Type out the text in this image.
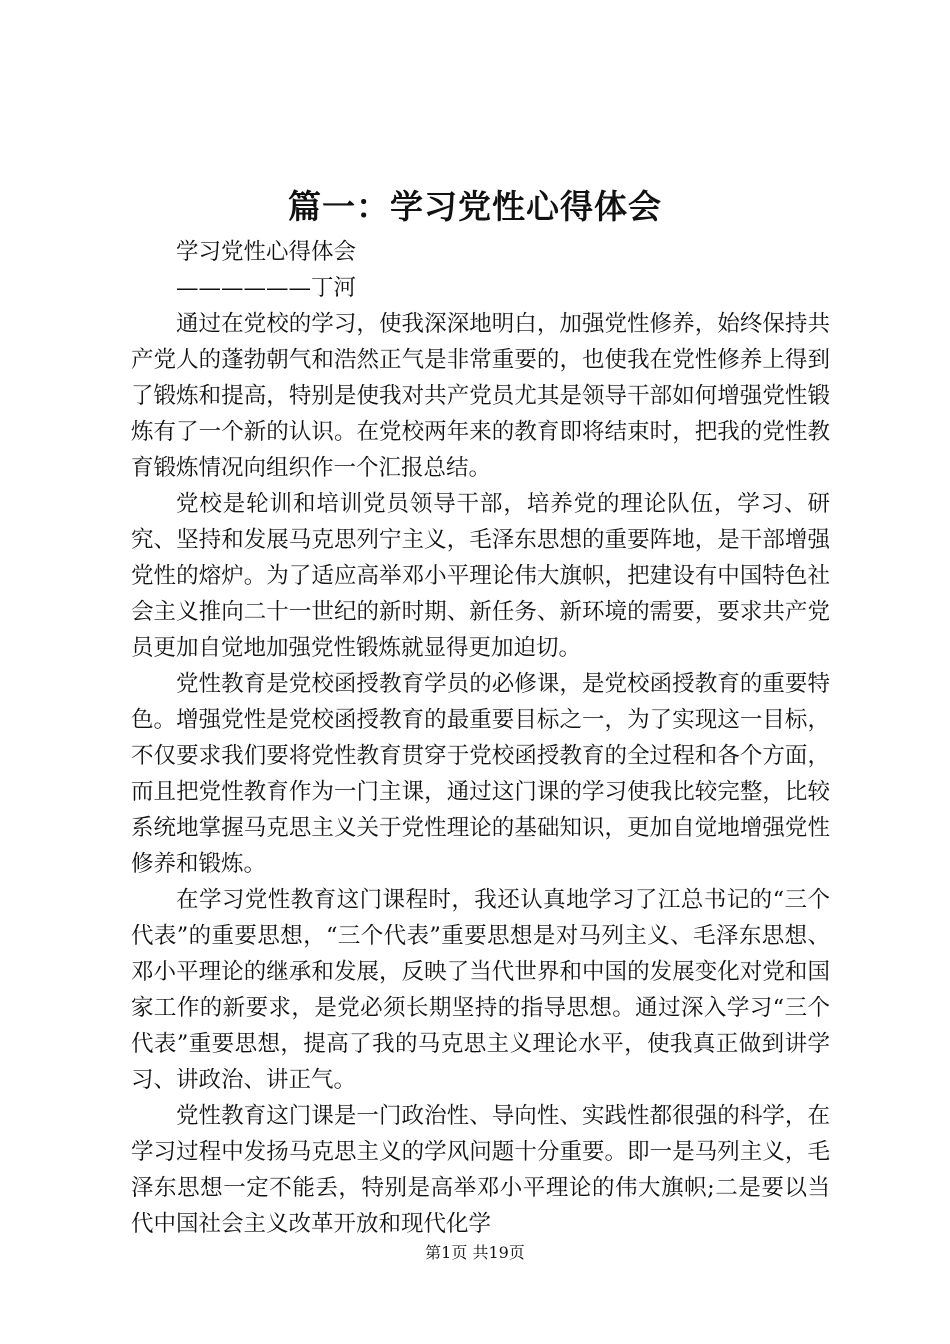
篇一：学习党性心得体会

学习党性心得体会

——————丁河

通过在党校的学习，使我深深地明白，加强党性修养，始终保持共产党人的蓬勃朝气和浩然正气是非常重要的，也使我在党性修养上得到了锻炼和提高，特别是使我对共产党员尤其是领导干部如何增强党性锻炼有了一个新的认识。在党校两年来的教育即将结束时，把我的党性教育锻炼情况向组织作一个汇报总结。

党校是轮训和培训党员领导干部，培养党的理论队伍，学习、研究、坚持和发展马克思列宁主义，毛泽东思想的重要阵地，是干部增强党性的熔炉。为了适应高举邓小平理论伟大旗帜，把建设有中国特色社会主义推向二十一世纪的新时期、新任务、新环境的需要，要求共产党员更加自觉地加强党性锻炼就显得更加迫切。

党性教育是党校函授教育学员的必修课，是党校函授教育的重要特色。增强党性是党校函授教育的最重要目标之一，为了实现这一目标，不仅要求我们要将党性教育贯穿于党校函授教育的全过程和各个方面，而且把党性教育作为一门主课，通过这门课的学习使我比较完整，比较系统地掌握马克思主义关于党性理论的基础知识，更加自觉地增强党性修养和锻炼。

在学习党性教育这门课程时，我还认真地学习了江总书记的“三个代表”的重要思想，“三个代表”重要思想是对马列主义、毛泽东思想、邓小平理论的继承和发展，反映了当代世界和中国的发展变化对党和国家工作的新要求，是党必须长期坚持的指导思想。通过深入学习“三个代表”重要思想，提高了我的马克思主义理论水平，使我真正做到讲学习、讲政治、讲正气。

党性教育这门课是一门政治性、导向性、实践性都很强的科学，在学习过程中发扬马克思主义的学风问题十分重要。即一是马列主义，毛泽东思想一定不能丢，特别是高举邓小平理论的伟大旗帜;二是要以当代中国社会主义改革开放和现代化学

第1页 共19页
